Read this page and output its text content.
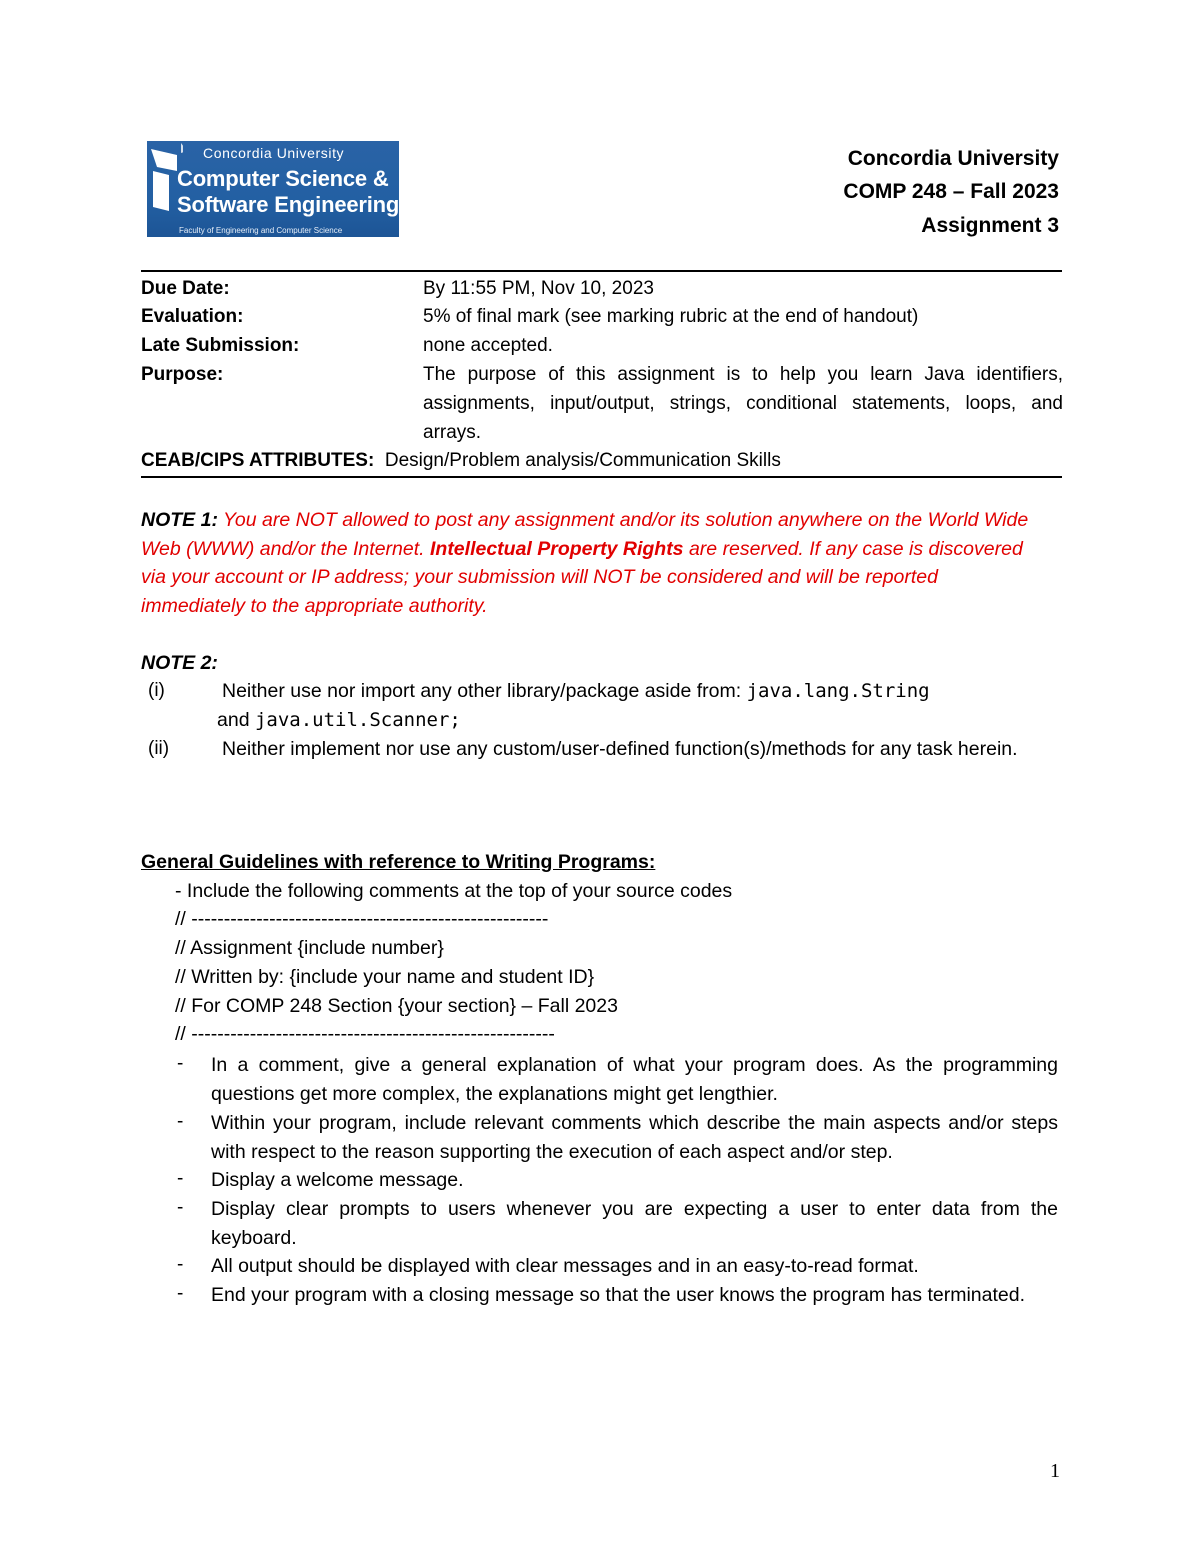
Concordia University
Computer Science &
Software Engineering
Faculty of Engineering and Computer Science
Concordia University
COMP 248 – Fall 2023
Assignment 3
Due Date:	By 11:55 PM, Nov 10, 2023
Evaluation:	5% of final mark (see marking rubric at the end of handout)
Late Submission:	none accepted.
Purpose:	The purpose of this assignment is to help you learn Java identifiers, assignments, input/output, strings, conditional statements, loops, and arrays.
CEAB/CIPS ATTRIBUTES: Design/Problem analysis/Communication Skills
NOTE 1: You are NOT allowed to post any assignment and/or its solution anywhere on the World Wide Web (WWW) and/or the Internet. Intellectual Property Rights are reserved. If any case is discovered via your account or IP address; your submission will NOT be considered and will be reported immediately to the appropriate authority.
NOTE 2:
(i)	Neither use nor import any other library/package aside from: java.lang.String
and java.util.Scanner;
(ii)	Neither implement nor use any custom/user-defined function(s)/methods for any task herein.
General Guidelines with reference to Writing Programs:
- Include the following comments at the top of your source codes
// -------------------------------------------------------
// Assignment {include number}
// Written by: {include your name and student ID}
// For COMP 248 Section {your section} – Fall 2023
// --------------------------------------------------------
- In a comment, give a general explanation of what your program does. As the programming questions get more complex, the explanations might get lengthier.
- Within your program, include relevant comments which describe the main aspects and/or steps with respect to the reason supporting the execution of each aspect and/or step.
- Display a welcome message.
- Display clear prompts to users whenever you are expecting a user to enter data from the keyboard.
- All output should be displayed with clear messages and in an easy-to-read format.
- End your program with a closing message so that the user knows the program has terminated.
1
